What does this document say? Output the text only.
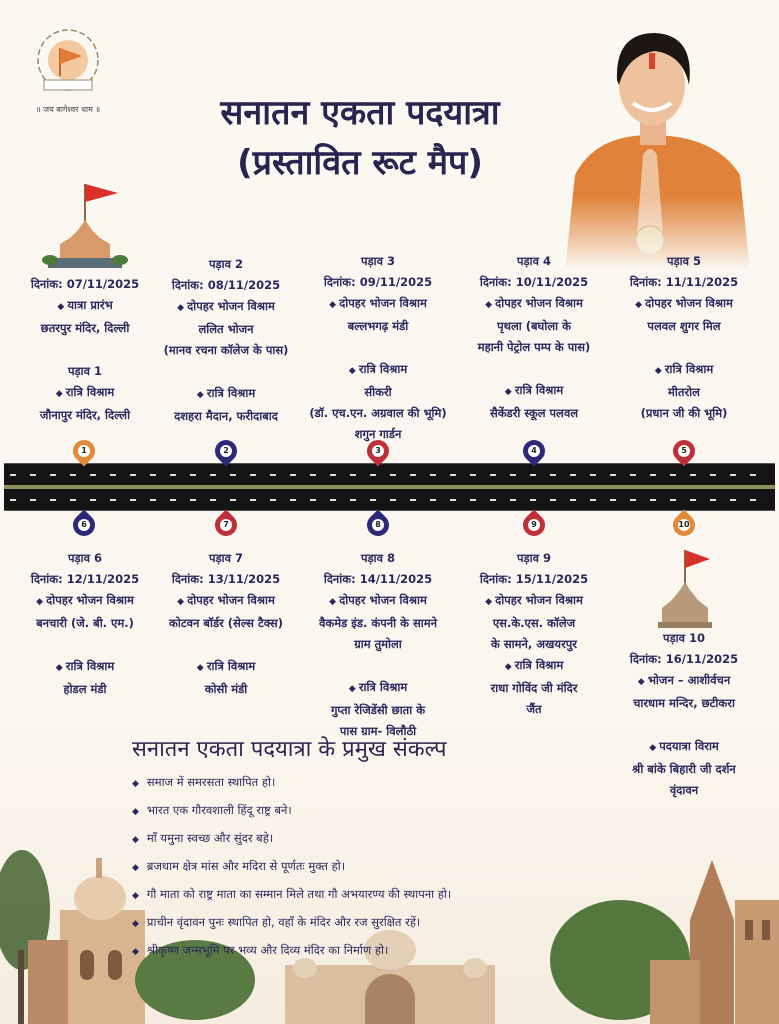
॥ जय बागेश्वर धाम ॥	सनातन एकता पदयात्रा
(प्रस्तावित रूट मैप)
दिनांक: 07/11/2025
◆ यात्रा प्रारंभ
छतरपुर मंदिर, दिल्ली
पड़ाव 1
◆ रात्रि विश्राम
जौनापुर मंदिर, दिल्ली
पड़ाव 2
दिनांक: 08/11/2025
◆ दोपहर भोजन विश्राम
ललित भोजन
(मानव रचना कॉलेज के पास)
◆ रात्रि विश्राम
दशहरा मैदान, फरीदाबाद
पड़ाव 3
दिनांक: 09/11/2025
◆ दोपहर भोजन विश्राम
बल्लभगढ़ मंडी
◆ रात्रि विश्राम
सीकरी
(डॉ. एच.एन. अग्रवाल की भूमि)
शगुन गार्डन
पड़ाव 4
दिनांक: 10/11/2025
◆ दोपहर भोजन विश्राम
पृथला (बघोला के
महानी पेट्रोल पम्प के पास)
◆ रात्रि विश्राम
सैकेंडरी स्कूल पलवल
पड़ाव 5
दिनांक: 11/11/2025
◆ दोपहर भोजन विश्राम
पलवल शुगर मिल
◆ रात्रि विश्राम
मीतरोल
(प्रधान जी की भूमि)
1	2	3	4	5
6	7	8	9	10
पड़ाव 6
दिनांक: 12/11/2025
◆ दोपहर भोजन विश्राम
बनचारी (जे. बी. एम.)
◆ रात्रि विश्राम
होडल मंडी
पड़ाव 7
दिनांक: 13/11/2025
◆ दोपहर भोजन विश्राम
कोटवन बॉर्डर (सेल्स टैक्स)
◆ रात्रि विश्राम
कोसी मंडी
पड़ाव 8
दिनांक: 14/11/2025
◆ दोपहर भोजन विश्राम
वैकमेड इंड. कंपनी के सामने
ग्राम तुमोला
◆ रात्रि विश्राम
गुप्ता रेजिडेंसी छाता के
पास ग्राम- विलौठी
पड़ाव 9
दिनांक: 15/11/2025
◆ दोपहर भोजन विश्राम
एस.के.एस. कॉलेज
के सामने, अखयरपुर
◆ रात्रि विश्राम
राधा गोविंद जी मंदिर
जैंत
पड़ाव 10
दिनांक: 16/11/2025
◆ भोजन – आशीर्वचन
चारधाम मन्दिर, छटीकरा
◆ पदयात्रा विराम
श्री बांके बिहारी जी दर्शन
वृंदावन
सनातन एकता पदयात्रा के प्रमुख संकल्प
◆ समाज में समरसता स्थापित हो।
◆ भारत एक गौरवशाली हिंदू राष्ट्र बने।
◆ माँ यमुना स्वच्छ और सुंदर बहे।
◆ ब्रजधाम क्षेत्र मांस और मदिरा से पूर्णतः मुक्त हो।
◆ गौ माता को राष्ट्र माता का सम्मान मिले तथा गौ अभयारण्य की स्थापना हो।
◆ प्राचीन वृंदावन पुनः स्थापित हो, वहाँ के मंदिर और रज सुरक्षित रहें।
◆ श्रीकृष्ण जन्मभूमि पर भव्य और दिव्य मंदिर का निर्माण हो।
